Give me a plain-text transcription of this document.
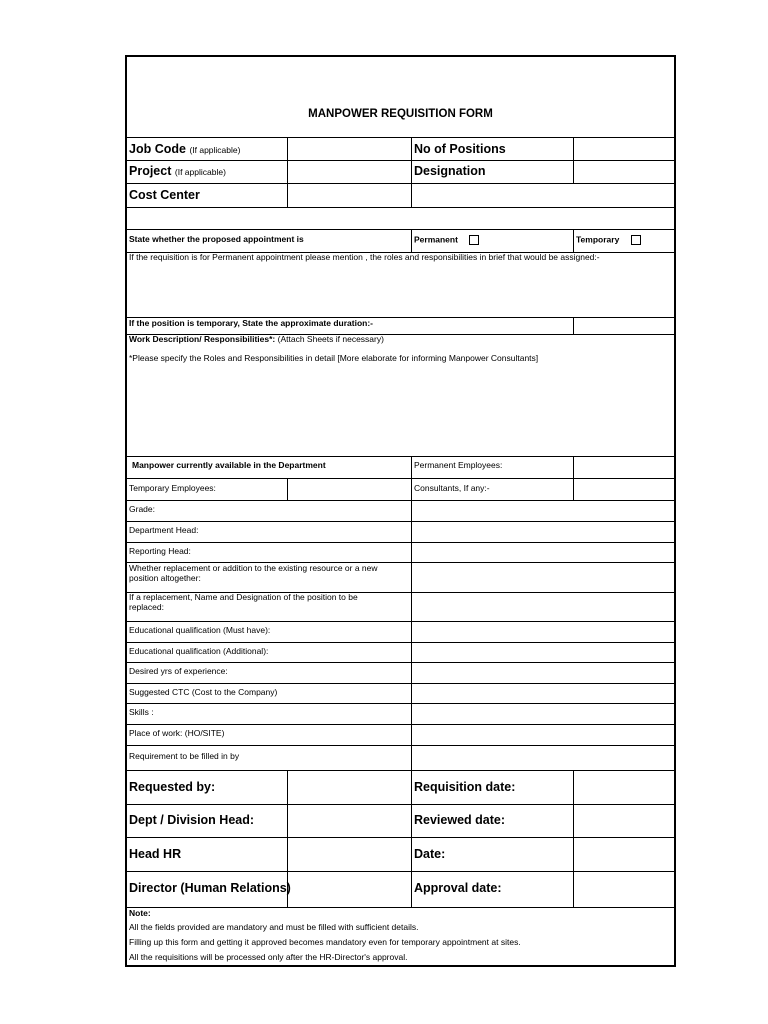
MANPOWER REQUISITION FORM
Job Code (If applicable)	No of Positions
Project (If applicable)	Designation
Cost Center
State whether the proposed appointment is	Permanent	Temporary
If the requisition is for Permanent appointment please mention , the roles and responsibilities in brief that would be assigned:-
If the position is temporary, State the approximate duration:-
Work Description/ Responsibilities*: (Attach Sheets if necessary)
*Please specify the Roles and Responsibilities in detail [More elaborate for informing Manpower Consultants]
Manpower currently available in the Department	Permanent Employees:
Temporary Employees:	Consultants, If any:-
Grade:
Department Head:
Reporting Head:
Whether replacement or addition to the existing resource or a new position altogether:
If a replacement, Name and Designation of the position to be replaced:
Educational qualification (Must have):
Educational qualification (Additional):
Desired yrs of experience:
Suggested CTC (Cost to the Company)
Skills :
Place of work: (HO/SITE)
Requirement to be filled in by
Requested by:	Requisition date:
Dept / Division Head:	Reviewed date:
Head HR	Date:
Director (Human Relations)	Approval date:
Note:
All the fields provided are mandatory and must be filled with sufficient details.
Filling up this form and getting it approved becomes mandatory even for temporary appointment at sites.
All the requisitions will be processed only after the HR-Director's approval.
